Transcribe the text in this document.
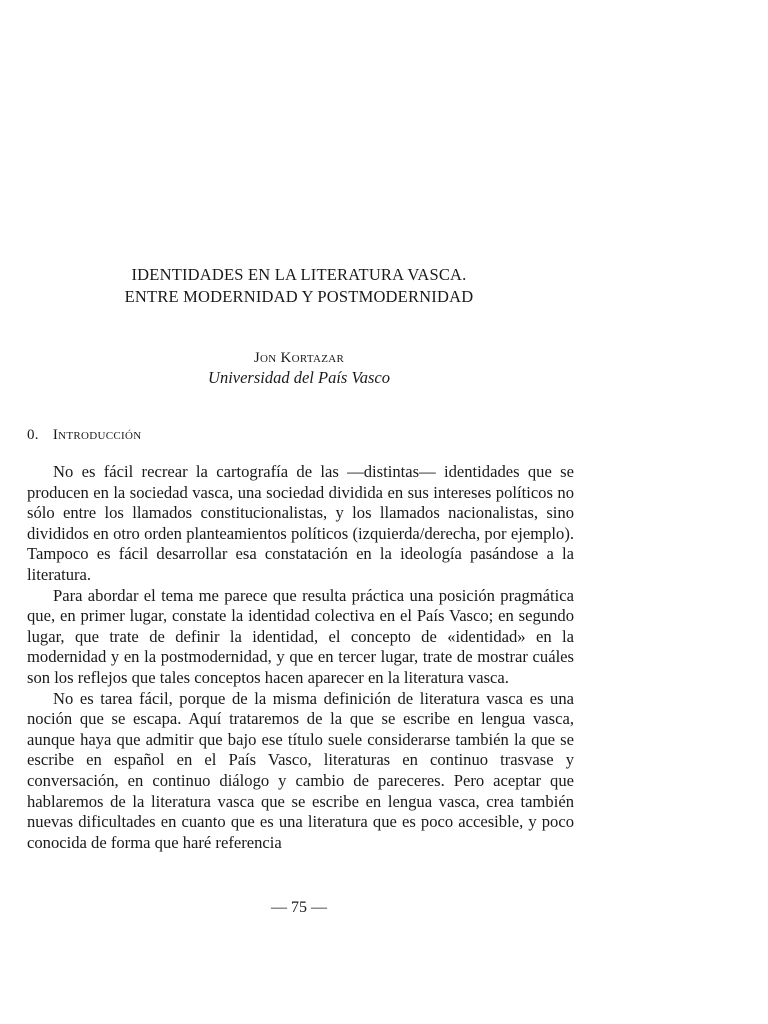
IDENTIDADES EN LA LITERATURA VASCA.
ENTRE MODERNIDAD Y POSTMODERNIDAD
Jon Kortazar
Universidad del País Vasco
0. Introducción

No es fácil recrear la cartografía de las —distintas— identidades que se producen en la sociedad vasca, una sociedad dividida en sus intereses políticos no sólo entre los llamados constitucionalistas, y los llamados nacionalistas, sino divididos en otro orden planteamientos políticos (izquierda/derecha, por ejemplo). Tampoco es fácil desarrollar esa constatación en la ideología pasándose a la literatura.

Para abordar el tema me parece que resulta práctica una posición pragmática que, en primer lugar, constate la identidad colectiva en el País Vasco; en segundo lugar, que trate de definir la identidad, el concepto de «identidad» en la modernidad y en la postmodernidad, y que en tercer lugar, trate de mostrar cuáles son los reflejos que tales conceptos hacen aparecer en la literatura vasca.

No es tarea fácil, porque de la misma definición de literatura vasca es una noción que se escapa. Aquí trataremos de la que se escribe en lengua vasca, aunque haya que admitir que bajo ese título suele considerarse también la que se escribe en español en el País Vasco, literaturas en continuo trasvase y conversación, en continuo diálogo y cambio de pareceres. Pero aceptar que hablaremos de la literatura vasca que se escribe en lengua vasca, crea también nuevas dificultades en cuanto que es una literatura que es poco accesible, y poco conocida de forma que haré referencia

— 75 —
